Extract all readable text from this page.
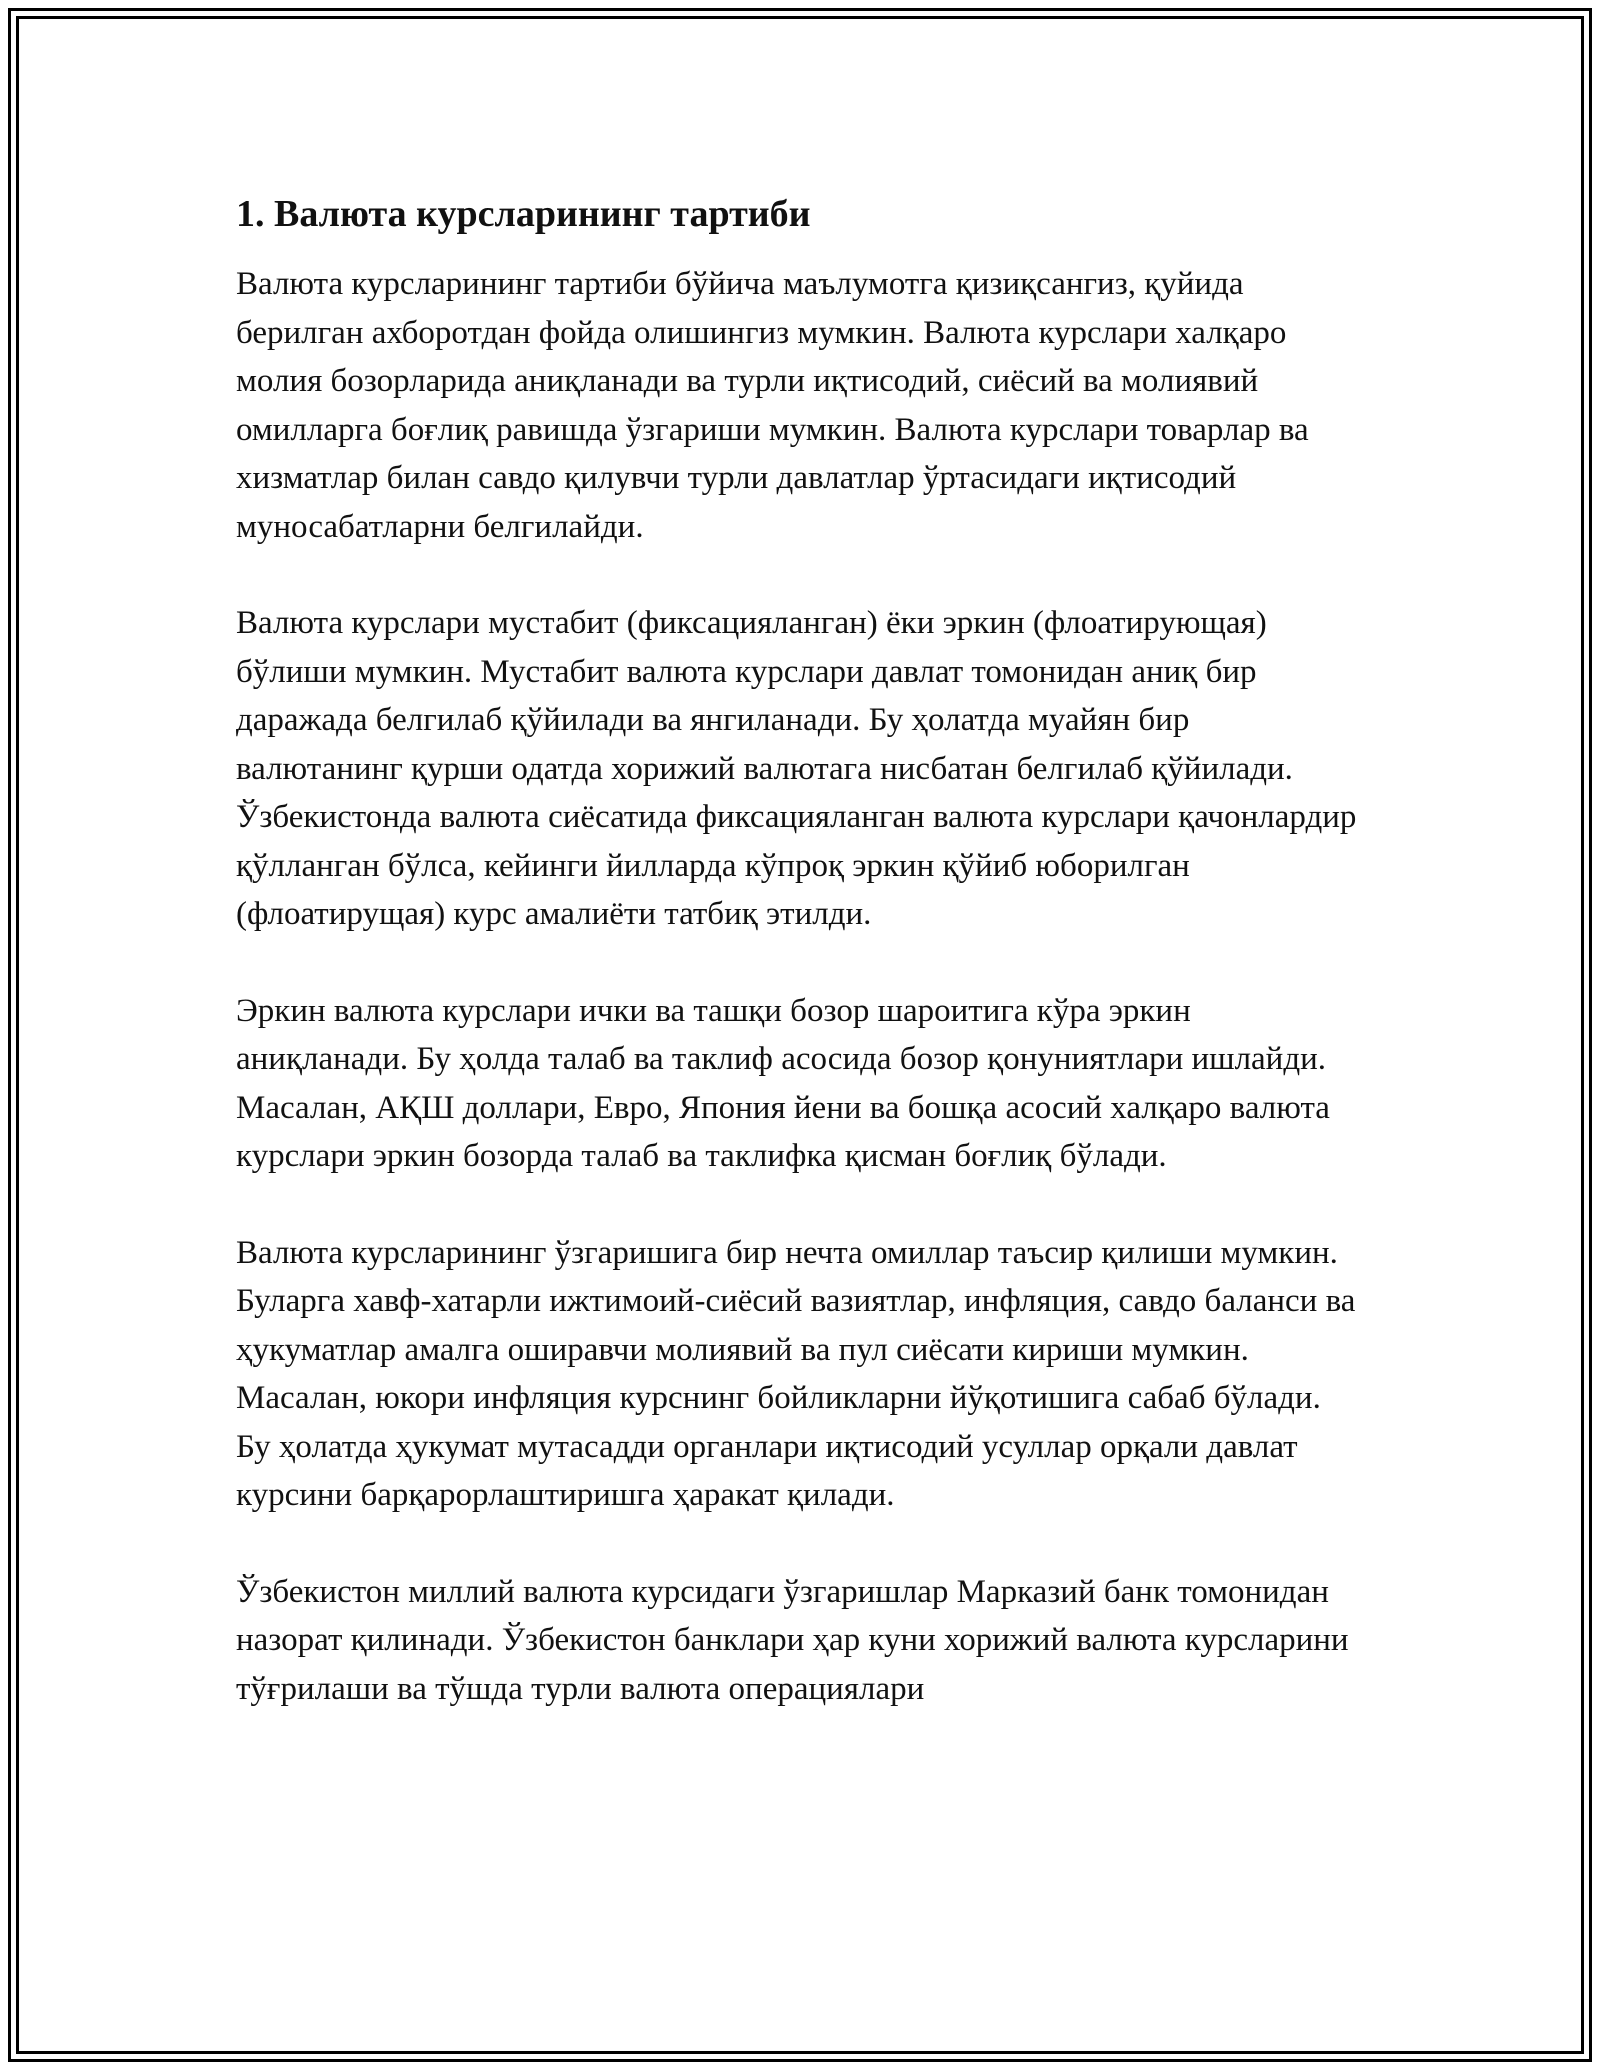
1. Валюта курсларининг тартиби

Валюта курсларининг тартиби бўйича маълумотга қизиқсангиз, қуйида берилган ахборотдан фойда олишингиз мумкин. Валюта курслари халқаро молия бозорларида аниқланади ва турли иқтисодий, сиёсий ва молиявий омилларга боғлиқ равишда ўзгариши мумкин. Валюта курслари товарлар ва хизматлар билан савдо қилувчи турли давлатлар ўртасидаги иқтисодий муносабатларни белгилайди.

Валюта курслари мустабит (фиксацияланган) ёки эркин (флоатирующая) бўлиши мумкин. Мустабит валюта курслари давлат томонидан аниқ бир даражада белгилаб қўйилади ва янгиланади. Бу ҳолатда муайян бир валютанинг қурши одатда хорижий валютага нисбатан белгилаб қўйилади. Ўзбекистонда валюта сиёсатида фиксацияланган валюта курслари қачонлардир қўлланган бўлса, кейинги йилларда кўпроқ эркин қўйиб юборилган (флоатирущая) курс амалиёти татбиқ этилди.

Эркин валюта курслари ички ва ташқи бозор шароитига кўра эркин аниқланади. Бу ҳолда талаб ва таклиф асосида бозор қонуниятлари ишлайди. Масалан, АҚШ доллари, Евро, Япония йени ва бошқа асосий халқаро валюта курслари эркин бозорда талаб ва таклифка қисман боғлиқ бўлади.

Валюта курсларининг ўзгаришига бир нечта омиллар таъсир қилиши мумкин. Буларга хавф-хатарли ижтимоий-сиёсий вазиятлар, инфляция, савдо баланси ва ҳукуматлар амалга оширавчи молиявий ва пул сиёсати кириши мумкин. Масалан, юкори инфляция курснинг бойликларни йўқотишига сабаб бўлади. Бу ҳолатда ҳукумат мутасадди органлари иқтисодий усуллар орқали давлат курсини барқарорлаштиришга ҳаракат қилади.

Ўзбекистон миллий валюта курсидаги ўзгаришлар Марказий банк томонидан назорат қилинади. Ўзбекистон банклари ҳар куни хорижий валюта курсларини тўғрилаши ва тўшда турли валюта операциялари
